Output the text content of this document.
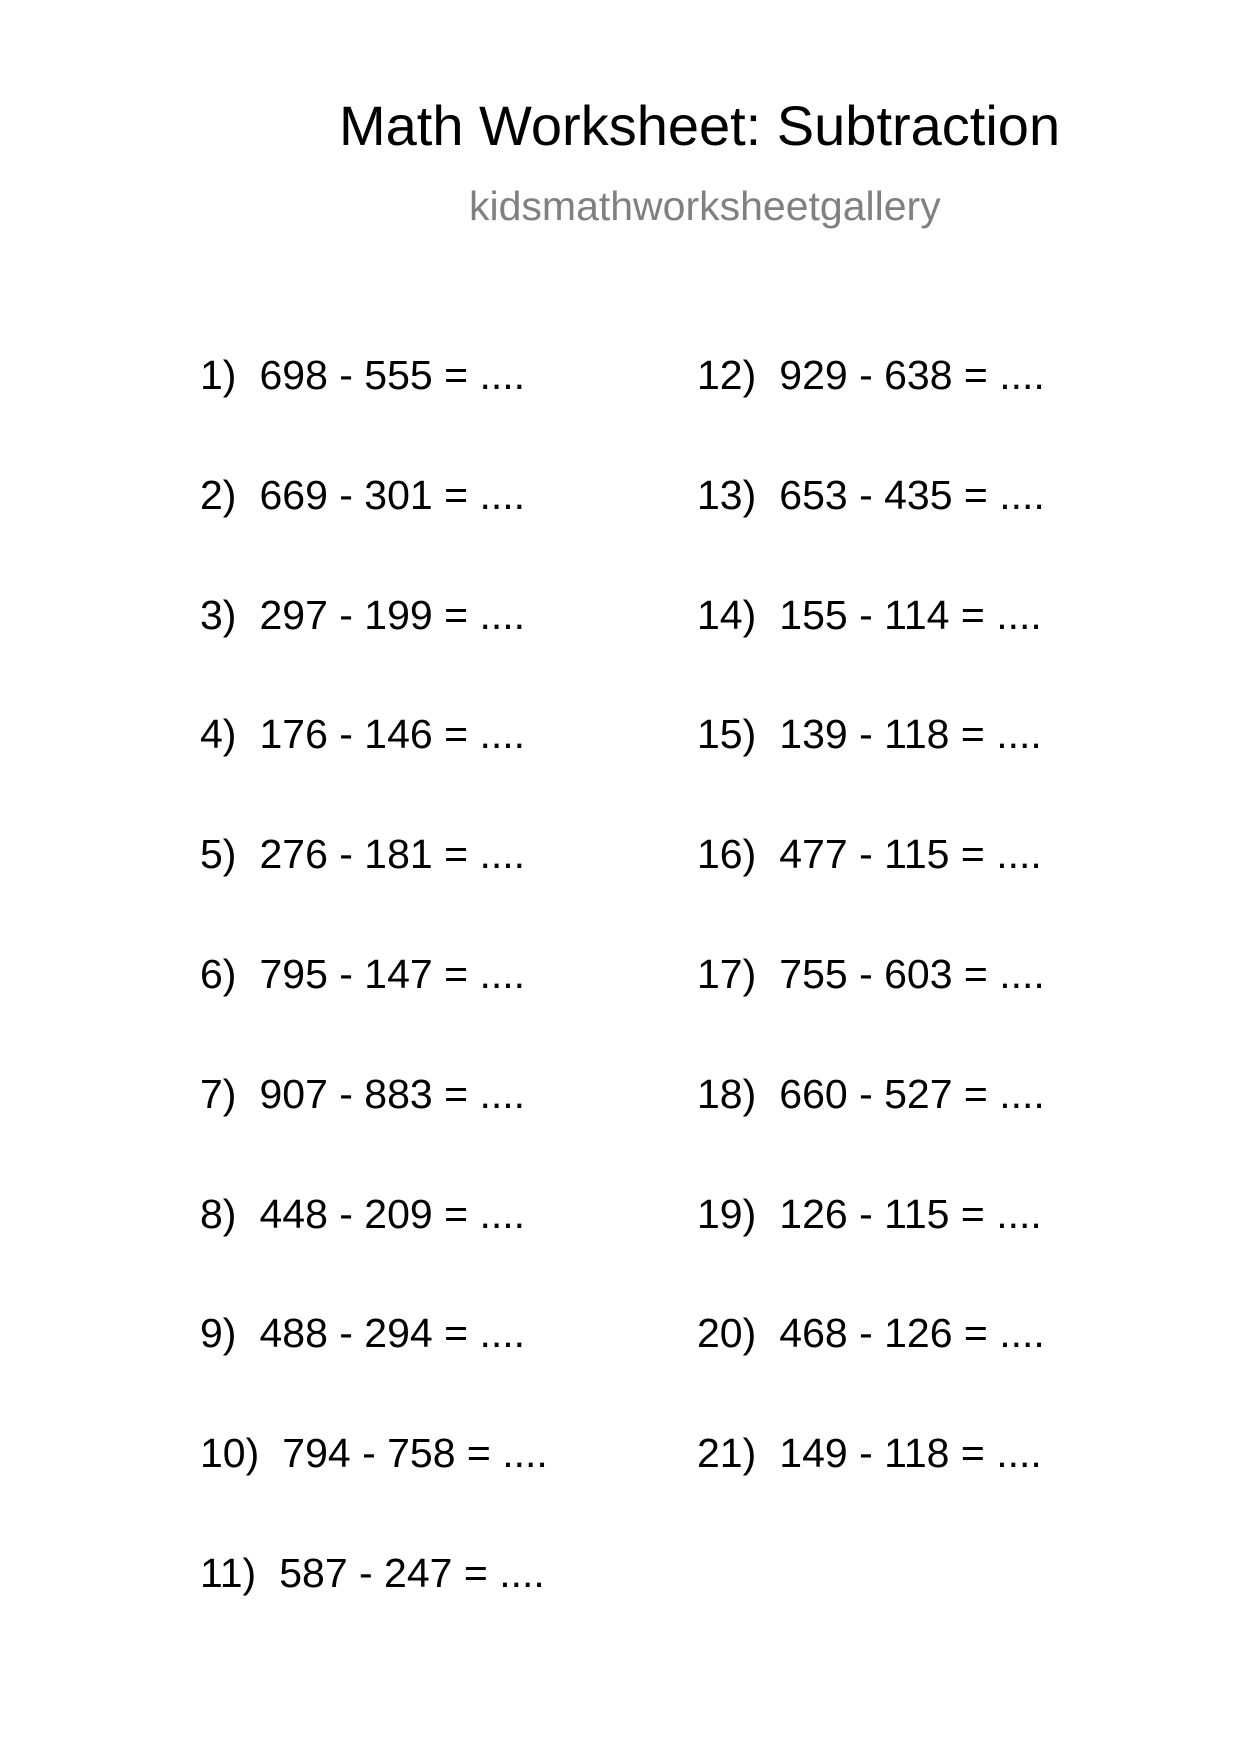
Math Worksheet: Subtraction
kidsmathworksheetgallery
1) 698 - 555 = ....
2) 669 - 301 = ....
3) 297 - 199 = ....
4) 176 - 146 = ....
5) 276 - 181 = ....
6) 795 - 147 = ....
7) 907 - 883 = ....
8) 448 - 209 = ....
9) 488 - 294 = ....
10) 794 - 758 = ....
11) 587 - 247 = ....
12) 929 - 638 = ....
13) 653 - 435 = ....
14) 155 - 114 = ....
15) 139 - 118 = ....
16) 477 - 115 = ....
17) 755 - 603 = ....
18) 660 - 527 = ....
19) 126 - 115 = ....
20) 468 - 126 = ....
21) 149 - 118 = ....
